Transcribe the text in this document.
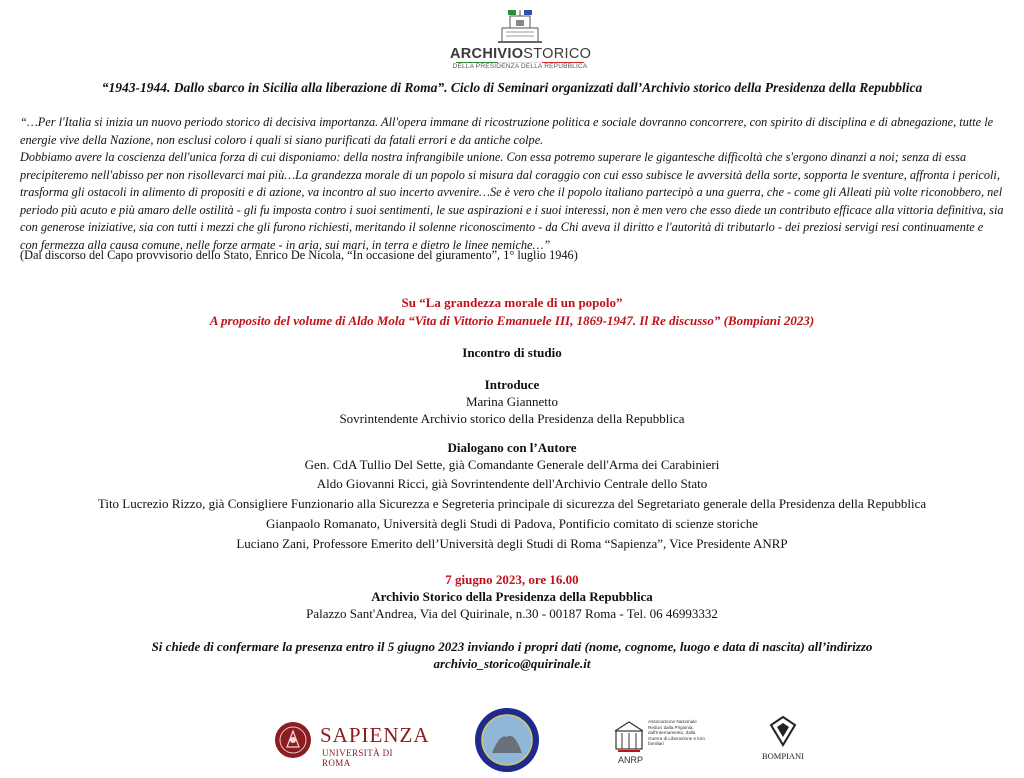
ARCHIVIOSTORICO
DELLA PRESIDENZA DELLA REPUBBLICA
“1943-1944. Dallo sbarco in Sicilia alla liberazione di Roma”. Ciclo di Seminari organizzati dall’Archivio storico della Presidenza della Repubblica
“…Per l'Italia si inizia un nuovo periodo storico di decisiva importanza. All'opera immane di ricostruzione politica e sociale dovranno concorrere, con spirito di disciplina e di abnegazione, tutte le energie vive della Nazione, non esclusi coloro i quali si siano purificati da fatali errori e da antiche colpe.
Dobbiamo avere la coscienza dell'unica forza di cui disponiamo: della nostra infrangibile unione. Con essa potremo superare le gigantesche difficoltà che s'ergono dinanzi a noi; senza di essa precipiteremo nell'abisso per non risollevarci mai più…La grandezza morale di un popolo si misura dal coraggio con cui esso subisce le avversità della sorte, sopporta le sventure, affronta i pericoli, trasforma gli ostacoli in alimento di propositi e di azione, va incontro al suo incerto avvenire…Se è vero che il popolo italiano partecipò a una guerra, che - come gli Alleati più volte riconobbero, nel periodo più acuto e più amaro delle ostilità - gli fu imposta contro i suoi sentimenti, le sue aspirazioni e i suoi interessi, non è men vero che esso diede un contributo efficace alla vittoria definitiva, sia con generose iniziative, sia con tutti i mezzi che gli furono richiesti, meritando il solenne riconoscimento - da Chi aveva il diritto e l'autorità di tributarlo - dei preziosi servigi resi continuamente e con fermezza alla causa comune, nelle forze armate - in aria, sui mari, in terra e dietro le linee nemiche…”
(Dal discorso del Capo provvisorio dello Stato, Enrico De Nicola, “In occasione del giuramento”, 1° luglio 1946)
Su “La grandezza morale di un popolo”
A proposito del volume di Aldo Mola “Vita di Vittorio Emanuele III, 1869-1947. Il Re discusso” (Bompiani 2023)
Incontro di studio
Introduce
Marina Giannetto
Sovrintendente Archivio storico della Presidenza della Repubblica
Dialogano con l’Autore
Gen. CdA Tullio Del Sette, già Comandante Generale dell'Arma dei Carabinieri
Aldo Giovanni Ricci, già Sovrintendente dell'Archivio Centrale dello Stato
Tito Lucrezio Rizzo, già Consigliere Funzionario alla Sicurezza e Segreteria principale di sicurezza del Segretariato generale della Presidenza della Repubblica
Gianpaolo Romanato, Università degli Studi di Padova, Pontificio comitato di scienze storiche
Luciano Zani, Professore Emerito dell’Università degli Studi di Roma “Sapienza”, Vice Presidente ANRP
7 giugno 2023, ore 16.00
Archivio Storico della Presidenza della Repubblica
Palazzo Sant'Andrea, Via del Quirinale, n.30 - 00187 Roma - Tel. 06 46993332
Si chiede di confermare la presenza entro il 5 giugno 2023 inviando i propri dati (nome, cognome, luogo e data di nascita) all’indirizzo
archivio_storico@quirinale.it
SAPIENZA
UNIVERSITÀ DI ROMA	ANRP
Associazione Nazionale Reduci dalla Prigionia, dall'Internamento, dalla Guerra di Liberazione e loro familiari
BOMPIANI
